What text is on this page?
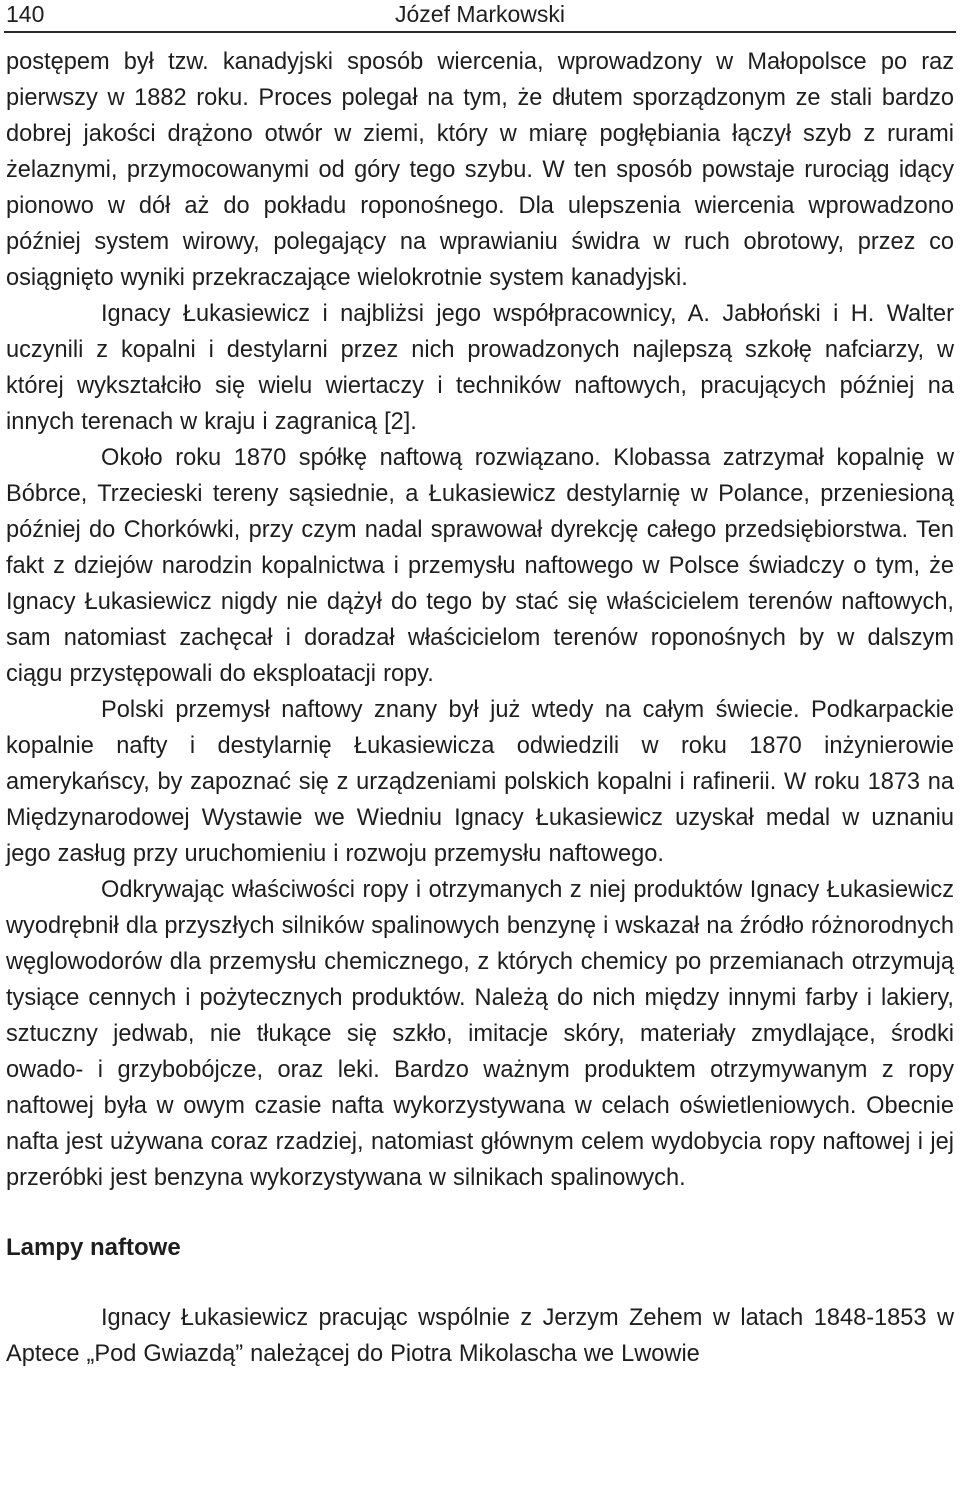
140	Józef Markowski

postępem był tzw. kanadyjski sposób wiercenia, wprowadzony w Małopolsce po raz pierwszy w 1882 roku. Proces polegał na tym, że dłutem sporządzonym ze stali bardzo dobrej jakości drążono otwór w ziemi, który w miarę pogłębiania łączył szyb z rurami żelaznymi, przymocowanymi od góry tego szybu. W ten sposób powstaje rurociąg idący pionowo w dół aż do pokładu roponośnego. Dla ulepszenia wiercenia wprowadzono później system wirowy, polegający na wprawianiu świdra w ruch obrotowy, przez co osiągnięto wyniki przekraczające wielokrotnie system kanadyjski.

Ignacy Łukasiewicz i najbliżsi jego współpracownicy, A. Jabłoński i H. Walter uczynili z kopalni i destylarni przez nich prowadzonych najlepszą szkołę nafciarzy, w której wykształciło się wielu wiertaczy i techników naftowych, pracujących później na innych terenach w kraju i zagranicą [2].

Około roku 1870 spółkę naftową rozwiązano. Klobassa zatrzymał kopalnię w Bóbrce, Trzecieski tereny sąsiednie, a Łukasiewicz destylarnię w Polance, przeniesioną później do Chorkówki, przy czym nadal sprawował dyrekcję całego przedsiębiorstwa. Ten fakt z dziejów narodzin kopalnictwa i przemysłu naftowego w Polsce świadczy o tym, że Ignacy Łukasiewicz nigdy nie dążył do tego by stać się właścicielem terenów naftowych, sam natomiast zachęcał i doradzał właścicielom terenów roponośnych by w dalszym ciągu przystępowali do eksploatacji ropy.

Polski przemysł naftowy znany był już wtedy na całym świecie. Podkarpackie kopalnie nafty i destylarnię Łukasiewicza odwiedzili w roku 1870 inżynierowie amerykańscy, by zapoznać się z urządzeniami polskich kopalni i rafinerii. W roku 1873 na Międzynarodowej Wystawie we Wiedniu Ignacy Łukasiewicz uzyskał medal w uznaniu jego zasług przy uruchomieniu i rozwoju przemysłu naftowego.

Odkrywając właściwości ropy i otrzymanych z niej produktów Ignacy Łukasiewicz wyodrębnił dla przyszłych silników spalinowych benzynę i wskazał na źródło różnorodnych węglowodorów dla przemysłu chemicznego, z których chemicy po przemianach otrzymują tysiące cennych i pożytecznych produktów. Należą do nich między innymi farby i lakiery, sztuczny jedwab, nie tłukące się szkło, imitacje skóry, materiały zmydlające, środki owado- i grzybobójcze, oraz leki. Bardzo ważnym produktem otrzymywanym z ropy naftowej była w owym czasie nafta wykorzystywana w celach oświetleniowych. Obecnie nafta jest używana coraz rzadziej, natomiast głównym celem wydobycia ropy naftowej i jej przeróbki jest benzyna wykorzystywana w silnikach spalinowych.

Lampy naftowe

Ignacy Łukasiewicz pracując wspólnie z Jerzym Zehem w latach 1848-1853 w Aptece „Pod Gwiazdą” należącej do Piotra Mikolascha we Lwowie
